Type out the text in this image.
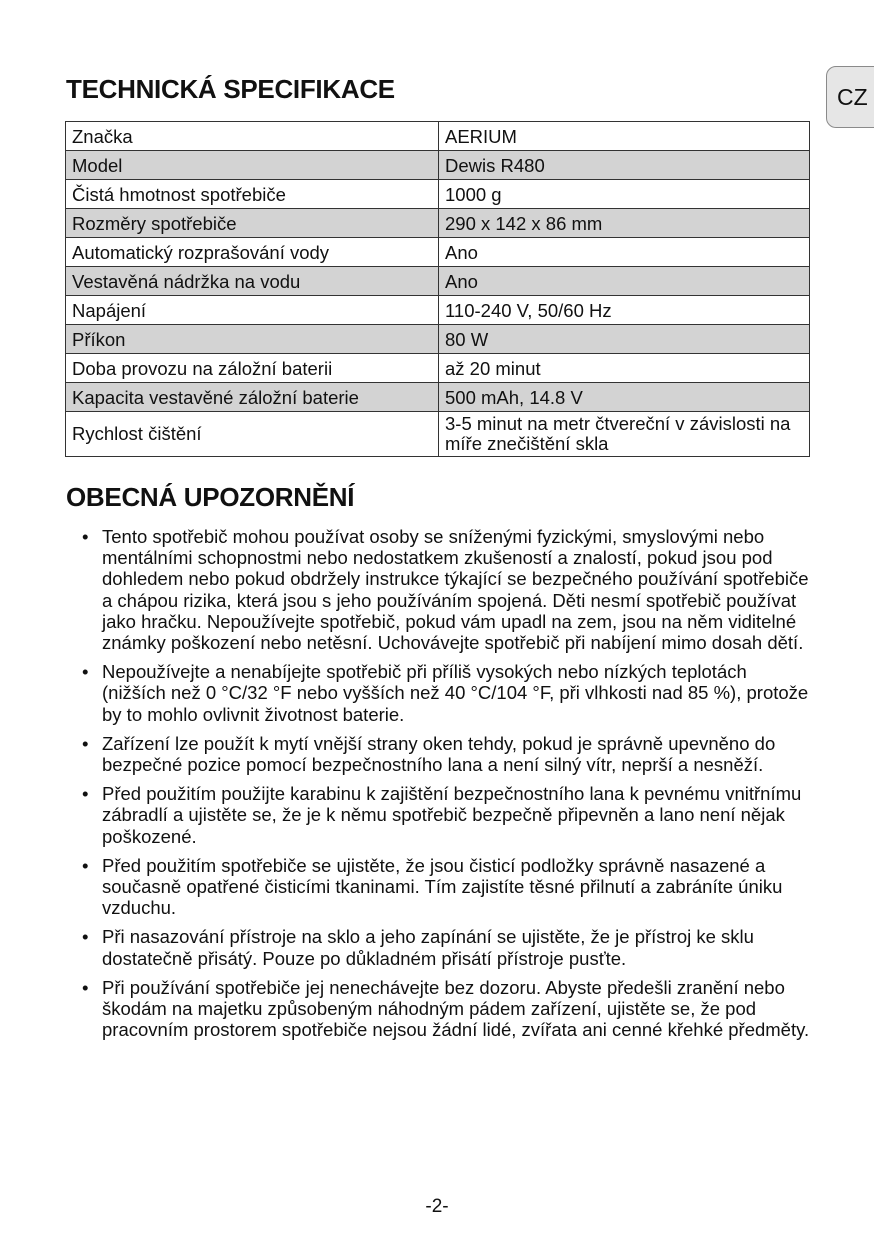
CZ
TECHNICKÁ SPECIFIKACE
Značka	AERIUM
Model	Dewis R480
Čistá hmotnost spotřebiče	1000 g
Rozměry spotřebiče	290 x 142 x 86 mm
Automatický rozprašování vody	Ano
Vestavěná nádržka na vodu	Ano
Napájení	110-240 V, 50/60 Hz
Příkon	80 W
Doba provozu na záložní baterii	až 20 minut
Kapacita vestavěné záložní baterie	500 mAh, 14.8 V
Rychlost čištění	3-5 minut na metr čtvereční v závislosti na míře znečištění skla
OBECNÁ UPOZORNĚNÍ
• Tento spotřebič mohou používat osoby se sníženými fyzickými, smyslovými nebo mentálními schopnostmi nebo nedostatkem zkušeností a znalostí, pokud jsou pod dohledem nebo pokud obdržely instrukce týkající se bezpečného používání spotřebiče a chápou rizika, která jsou s jeho používáním spojená. Děti nesmí spotřebič používat jako hračku. Nepoužívejte spotřebič, pokud vám upadl na zem, jsou na něm viditelné známky poškození nebo netěsní. Uchovávejte spotřebič při nabíjení mimo dosah dětí.
• Nepoužívejte a nenabíjejte spotřebič při příliš vysokých nebo nízkých teplotách (nižších než 0 °C/32 °F nebo vyšších než 40 °C/104 °F, při vlhkosti nad 85 %), protože by to mohlo ovlivnit životnost baterie.
• Zařízení lze použít k mytí vnější strany oken tehdy, pokud je správně upevněno do bezpečné pozice pomocí bezpečnostního lana a není silný vítr, neprší a nesněží.
• Před použitím použijte karabinu k zajištění bezpečnostního lana k pevnému vnitřnímu zábradlí a ujistěte se, že je k němu spotřebič bezpečně připevněn a lano není nějak poškozené.
• Před použitím spotřebiče se ujistěte, že jsou čisticí podložky správně nasazené a současně opatřené čisticími tkaninami. Tím zajistíte těsné přilnutí a zabráníte úniku vzduchu.
• Při nasazování přístroje na sklo a jeho zapínání se ujistěte, že je přístroj ke sklu dostatečně přisátý. Pouze po důkladném přisátí přístroje pusťte.
• Při používání spotřebiče jej nenechávejte bez dozoru. Abyste předešli zranění nebo škodám na majetku způsobeným náhodným pádem zařízení, ujistěte se, že pod pracovním prostorem spotřebiče nejsou žádní lidé, zvířata ani cenné křehké předměty.
-2-
